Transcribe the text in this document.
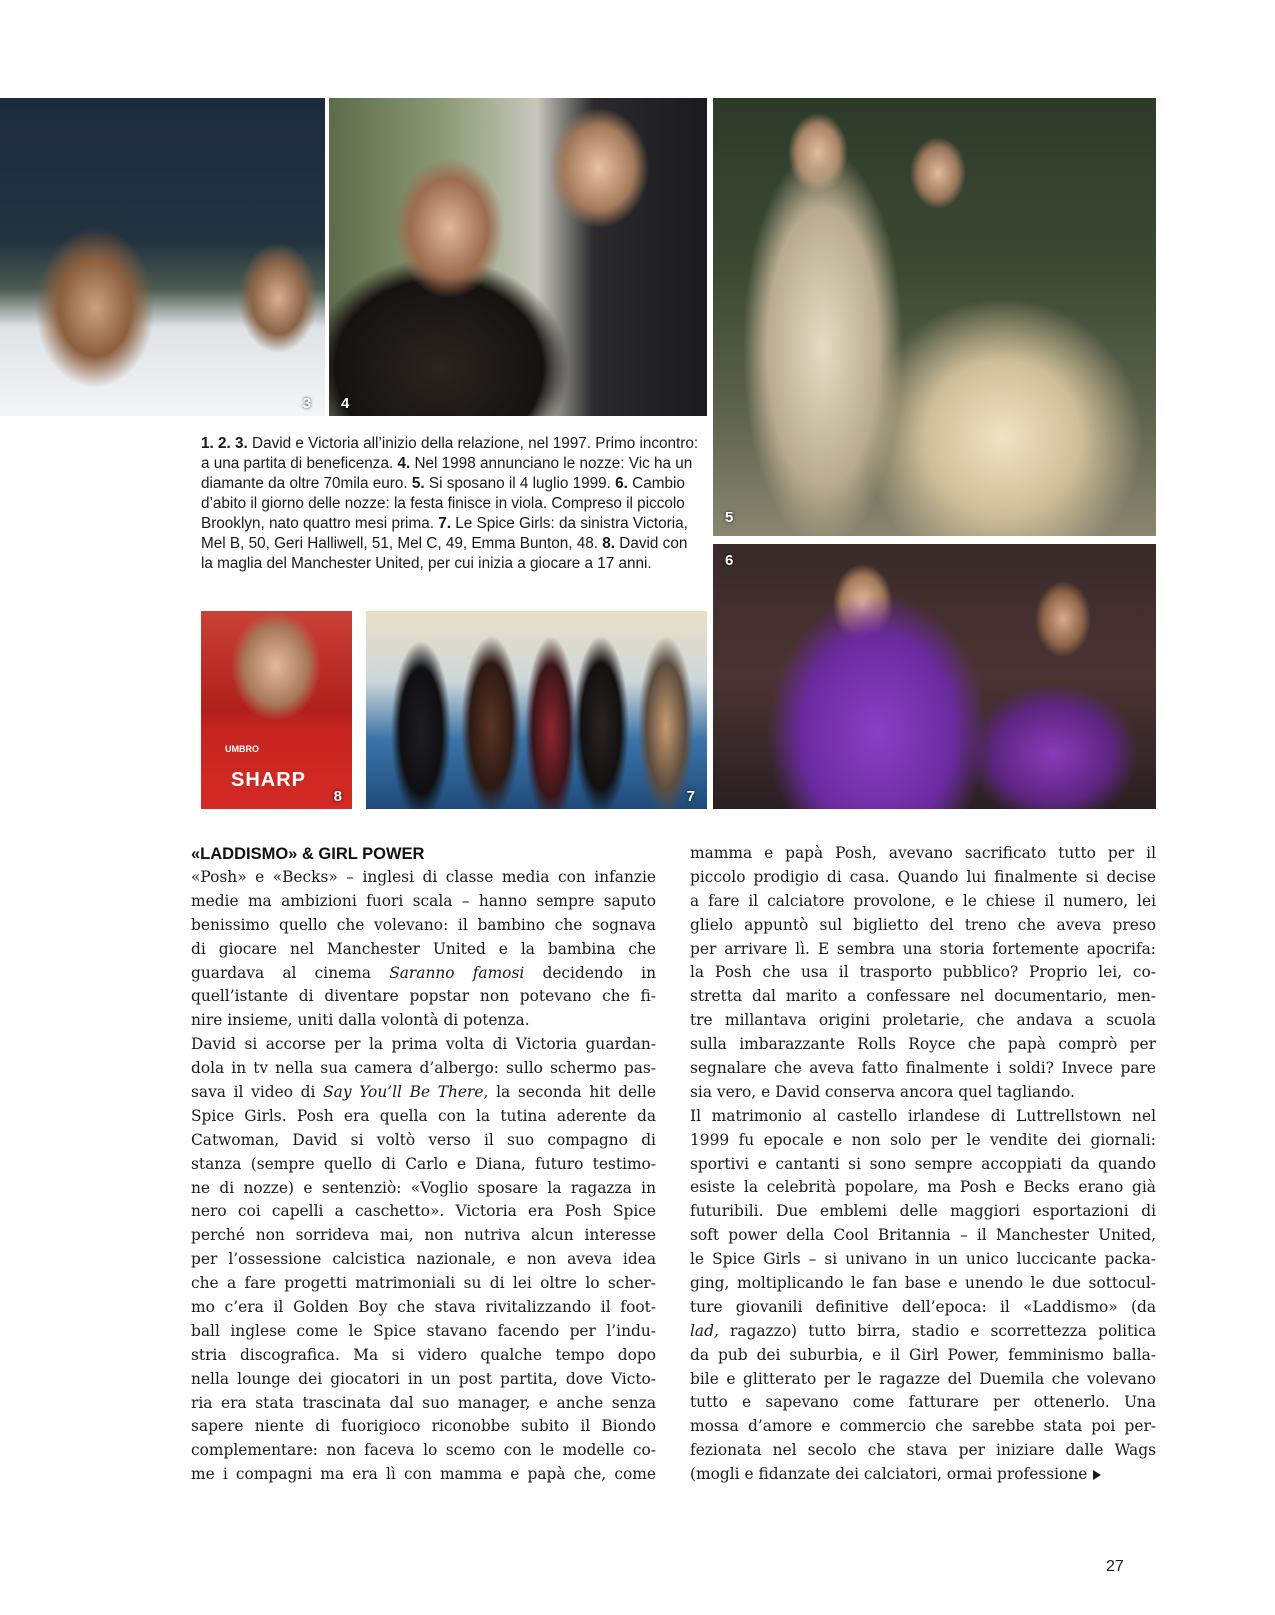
3 4
5
6
UMBRO
SHARP
8	7

1. 2. 3. David e Victoria all’inizio della relazione, nel 1997. Primo incontro: a una partita di beneficenza. 4. Nel 1998 annunciano le nozze: Vic ha un diamante da oltre 70mila euro. 5. Si sposano il 4 luglio 1999. 6. Cambio d’abito il giorno delle nozze: la festa finisce in viola. Compreso il piccolo Brooklyn, nato quattro mesi prima. 7. Le Spice Girls: da sinistra Victoria, Mel B, 50, Geri Halliwell, 51, Mel C, 49, Emma Bunton, 48. 8. David con la maglia del Manchester United, per cui inizia a giocare a 17 anni.

«LADDISMO» & GIRL POWER
«Posh» e «Becks» – inglesi di classe media con infanzie
medie ma ambizioni fuori scala – hanno sempre saputo
benissimo quello che volevano: il bambino che sognava
di giocare nel Manchester United e la bambina che
guardava al cinema Saranno famosi decidendo in
quell’istante di diventare popstar non potevano che fi-
nire insieme, uniti dalla volontà di potenza.
David si accorse per la prima volta di Victoria guardan-
dola in tv nella sua camera d’albergo: sullo schermo pas-
sava il video di Say You’ll Be There, la seconda hit delle
Spice Girls. Posh era quella con la tutina aderente da
Catwoman, David si voltò verso il suo compagno di
stanza (sempre quello di Carlo e Diana, futuro testimo-
ne di nozze) e sentenziò: «Voglio sposare la ragazza in
nero coi capelli a caschetto». Victoria era Posh Spice
perché non sorrideva mai, non nutriva alcun interesse
per l’ossessione calcistica nazionale, e non aveva idea
che a fare progetti matrimoniali su di lei oltre lo scher-
mo c’era il Golden Boy che stava rivitalizzando il foot-
ball inglese come le Spice stavano facendo per l’indu-
stria discografica. Ma si videro qualche tempo dopo
nella lounge dei giocatori in un post partita, dove Victo-
ria era stata trascinata dal suo manager, e anche senza
sapere niente di fuorigioco riconobbe subito il Biondo
complementare: non faceva lo scemo con le modelle co-
me i compagni ma era lì con mamma e papà che, come
mamma e papà Posh, avevano sacrificato tutto per il
piccolo prodigio di casa. Quando lui finalmente si decise
a fare il calciatore provolone, e le chiese il numero, lei
glielo appuntò sul biglietto del treno che aveva preso
per arrivare lì. E sembra una storia fortemente apocrifa:
la Posh che usa il trasporto pubblico? Proprio lei, co-
stretta dal marito a confessare nel documentario, men-
tre millantava origini proletarie, che andava a scuola
sulla imbarazzante Rolls Royce che papà comprò per
segnalare che aveva fatto finalmente i soldi? Invece pare
sia vero, e David conserva ancora quel tagliando.
Il matrimonio al castello irlandese di Luttrellstown nel
1999 fu epocale e non solo per le vendite dei giornali:
sportivi e cantanti si sono sempre accoppiati da quando
esiste la celebrità popolare, ma Posh e Becks erano già
futuribili. Due emblemi delle maggiori esportazioni di
soft power della Cool Britannia – il Manchester United,
le Spice Girls – si univano in un unico luccicante packa-
ging, moltiplicando le fan base e unendo le due sottocul-
ture giovanili definitive dell’epoca: il «Laddismo» (da
lad, ragazzo) tutto birra, stadio e scorrettezza politica
da pub dei suburbia, e il Girl Power, femminismo balla-
bile e glitterato per le ragazze del Duemila che volevano
tutto e sapevano come fatturare per ottenerlo. Una
mossa d’amore e commercio che sarebbe stata poi per-
fezionata nel secolo che stava per iniziare dalle Wags
(mogli e fidanzate dei calciatori, ormai professione
27
